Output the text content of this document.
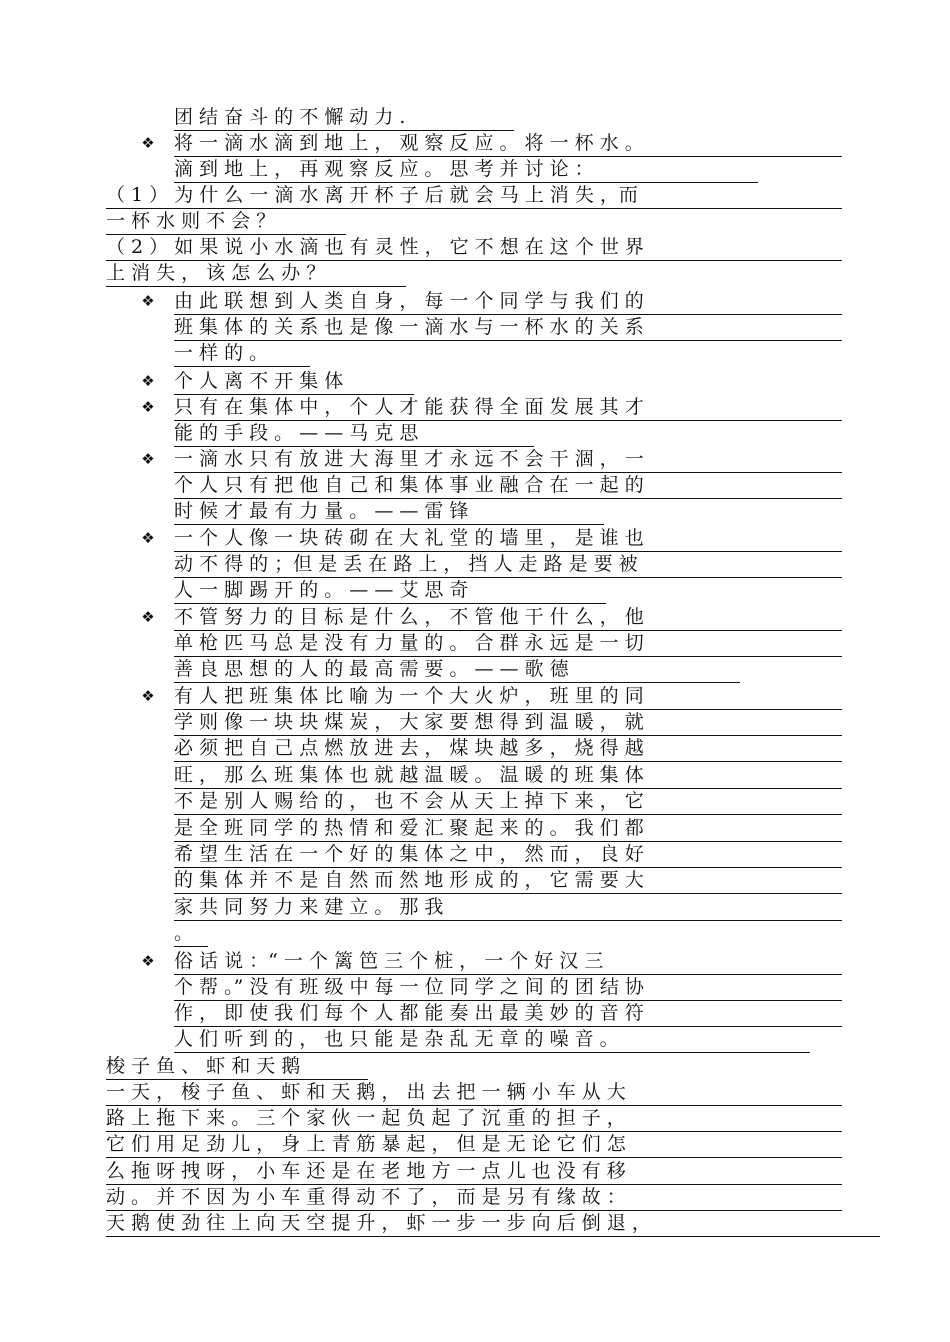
团 结 奋 斗 的 不 懈 动 力 .
❖ 将 一 滴 水 滴 到 地 上 ， 观 察 反 应 。 将 一 杯 水 。
滴 到 地 上 ， 再 观 察 反 应 。 思 考 并 讨 论 ：
（ 1 ） 为 什 么 一 滴 水 离 开 杯 子 后 就 会 马 上 消 失 ，而
一 杯 水 则 不 会 ？
（ 2 ） 如 果 说 小 水 滴 也 有 灵 性 ， 它 不 想 在 这 个 世 界
上 消 失 ， 该 怎 么 办 ？
❖ 由 此 联 想 到 人 类 自 身 ， 每 一 个 同 学 与 我 们 的
班 集 体 的 关 系 也 是 像 一 滴 水 与 一 杯 水 的 关 系
一 样 的 。
❖ 个 人 离 不 开 集 体
❖ 只 有 在 集 体 中 ， 个 人 才 能 获 得 全 面 发 展 其 才
能 的 手 段 。 — — 马 克 思
❖ 一 滴 水 只 有 放 进 大 海 里 才 永 远 不 会 干 涸 ， 一
个 人 只 有 把 他 自 己 和 集 体 事 业 融 合 在 一 起 的
时 候 才 最 有 力 量 。 — — 雷 锋
❖ 一 个 人 像 一 块 砖 砌 在 大 礼 堂 的 墙 里 ， 是 谁 也
动 不 得 的 ；但 是 丢 在 路 上 ， 挡 人 走 路 是 要 被
人 一 脚 踢 开 的 。 — — 艾 思 奇
❖ 不 管 努 力 的 目 标 是 什 么 ， 不 管 他 干 什 么 ， 他
单 枪 匹 马 总 是 没 有 力 量 的 。 合 群 永 远 是 一 切
善 良 思 想 的 人 的 最 高 需 要 。 — — 歌 德
❖ 有 人 把 班 集 体 比 喻 为 一 个 大 火 炉 ， 班 里 的 同
学 则 像 一 块 块 煤 炭 ， 大 家 要 想 得 到 温 暖 ， 就
必 须 把 自 己 点 燃 放 进 去 ， 煤 块 越 多 ， 烧 得 越
旺 ， 那 么 班 集 体 也 就 越 温 暖 。 温 暖 的 班 集 体
不 是 别 人 赐 给 的 ， 也 不 会 从 天 上 掉 下 来 ， 它
是 全 班 同 学 的 热 情 和 爱 汇 聚 起 来 的 。 我 们 都
希 望 生 活 在 一 个 好 的 集 体 之 中 ， 然 而 ， 良 好
的 集 体 并 不 是 自 然 而 然 地 形 成 的 ， 它 需 要 大
家 共 同 努 力 来 建 立 。 那 我
。
❖ 俗 话 说 ：“ 一 个 篱 笆 三 个 桩 ， 一 个 好 汉 三
个 帮 。” 没 有 班 级 中 每 一 位 同 学 之 间 的 团 结 协
作 ， 即 使 我 们 每 个 人 都 能 奏 出 最 美 妙 的 音 符
人 们 听 到 的 ， 也 只 能 是 杂 乱 无 章 的 噪 音 。
梭 子 鱼 、 虾 和 天 鹅
一 天 ， 梭 子 鱼 、 虾 和 天 鹅 ， 出 去 把 一 辆 小 车 从 大
路 上 拖 下 来 。 三 个 家 伙 一 起 负 起 了 沉 重 的 担 子 ，
它 们 用 足 劲 儿 ， 身 上 青 筋 暴 起 ， 但 是 无 论 它 们 怎
么 拖 呀 拽 呀 ， 小 车 还 是 在 老 地 方 一 点 儿 也 没 有 移
动 。 并 不 因 为 小 车 重 得 动 不 了 ， 而 是 另 有 缘 故 ：
天 鹅 使 劲 往 上 向 天 空 提 升 ， 虾 一 步 一 步 向 后 倒 退 ，
